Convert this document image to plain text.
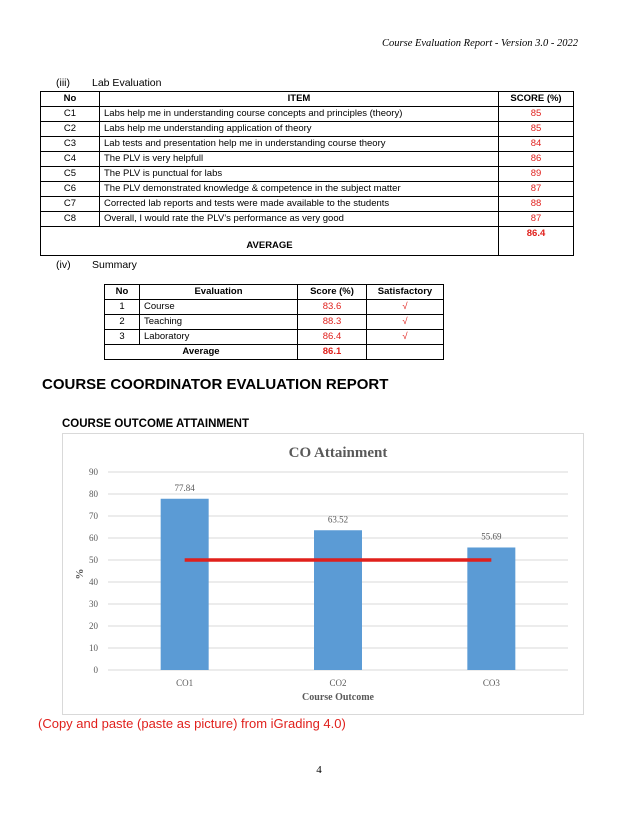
Course Evaluation Report - Version 3.0 - 2022
(iii) Lab Evaluation
No	ITEM	SCORE (%)
C1	Labs help me in understanding course concepts and principles (theory)	85
C2	Labs help me understanding application of theory	85
C3	Lab tests and presentation help me in understanding course theory	84
C4	The PLV is very helpfull	86
C5	The PLV is punctual for labs	89
C6	The PLV demonstrated knowledge & competence in the subject matter	87
C7	Corrected lab reports and tests were made available to the students	88
C8	Overall, I would rate the PLV’s performance as very good	87
AVERAGE		86.4
(iv) Summary
No	Evaluation	Score (%)	Satisfactory
1	Course	83.6	√
2	Teaching	88.3	√
3	Laboratory	86.4	√
Average		86.1	
COURSE COORDINATOR EVALUATION REPORT
COURSE OUTCOME ATTAINMENT
CO Attainment
0
10
20
30
40
50
60
70
80
90
%
77.84
CO1
63.52
CO2
55.69
CO3
Course Outcome
(Copy and paste (paste as picture) from iGrading 4.0)
4
